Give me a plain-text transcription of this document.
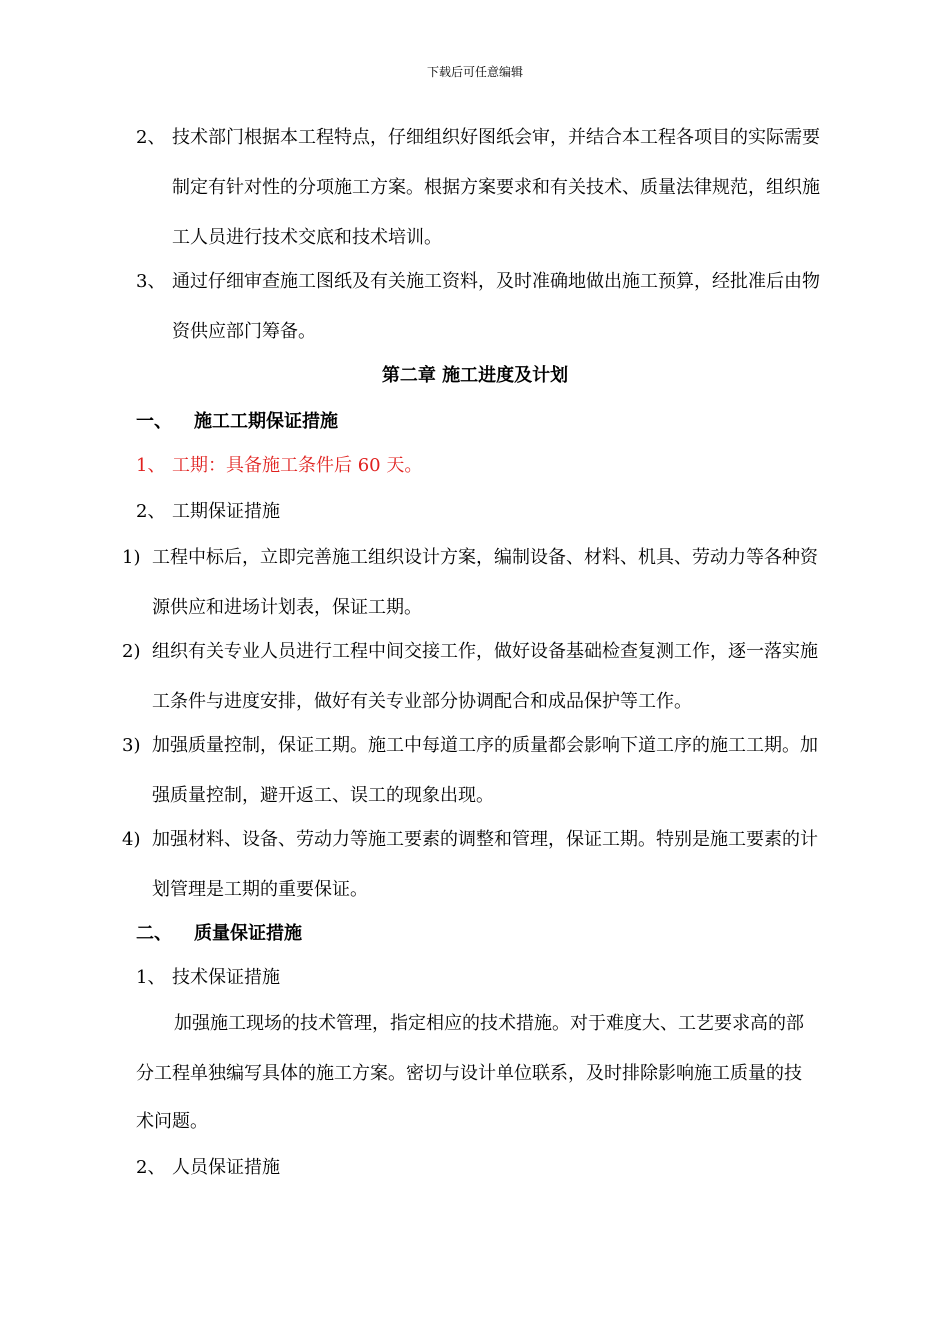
下载后可任意编辑
2、 技术部门根据本工程特点，仔细组织好图纸会审，并结合本工程各项目的实际需要
制定有针对性的分项施工方案。根据方案要求和有关技术、质量法律规范，组织施
工人员进行技术交底和技术培训。
3、 通过仔细审查施工图纸及有关施工资料，及时准确地做出施工预算，经批准后由物
资供应部门筹备。
第二章 施工进度及计划
一、 施工工期保证措施
1、 工期：具备施工条件后 60 天。
2、 工期保证措施
1) 工程中标后，立即完善施工组织设计方案，编制设备、材料、机具、劳动力等各种资
源供应和进场计划表，保证工期。
2) 组织有关专业人员进行工程中间交接工作，做好设备基础检查复测工作，逐一落实施
工条件与进度安排，做好有关专业部分协调配合和成品保护等工作。
3) 加强质量控制，保证工期。施工中每道工序的质量都会影响下道工序的施工工期。加
强质量控制，避开返工、误工的现象出现。
4) 加强材料、设备、劳动力等施工要素的调整和管理，保证工期。特别是施工要素的计
划管理是工期的重要保证。
二、 质量保证措施
1、 技术保证措施
加强施工现场的技术管理，指定相应的技术措施。对于难度大、工艺要求高的部
分工程单独编写具体的施工方案。密切与设计单位联系，及时排除影响施工质量的技
术问题。
2、 人员保证措施
